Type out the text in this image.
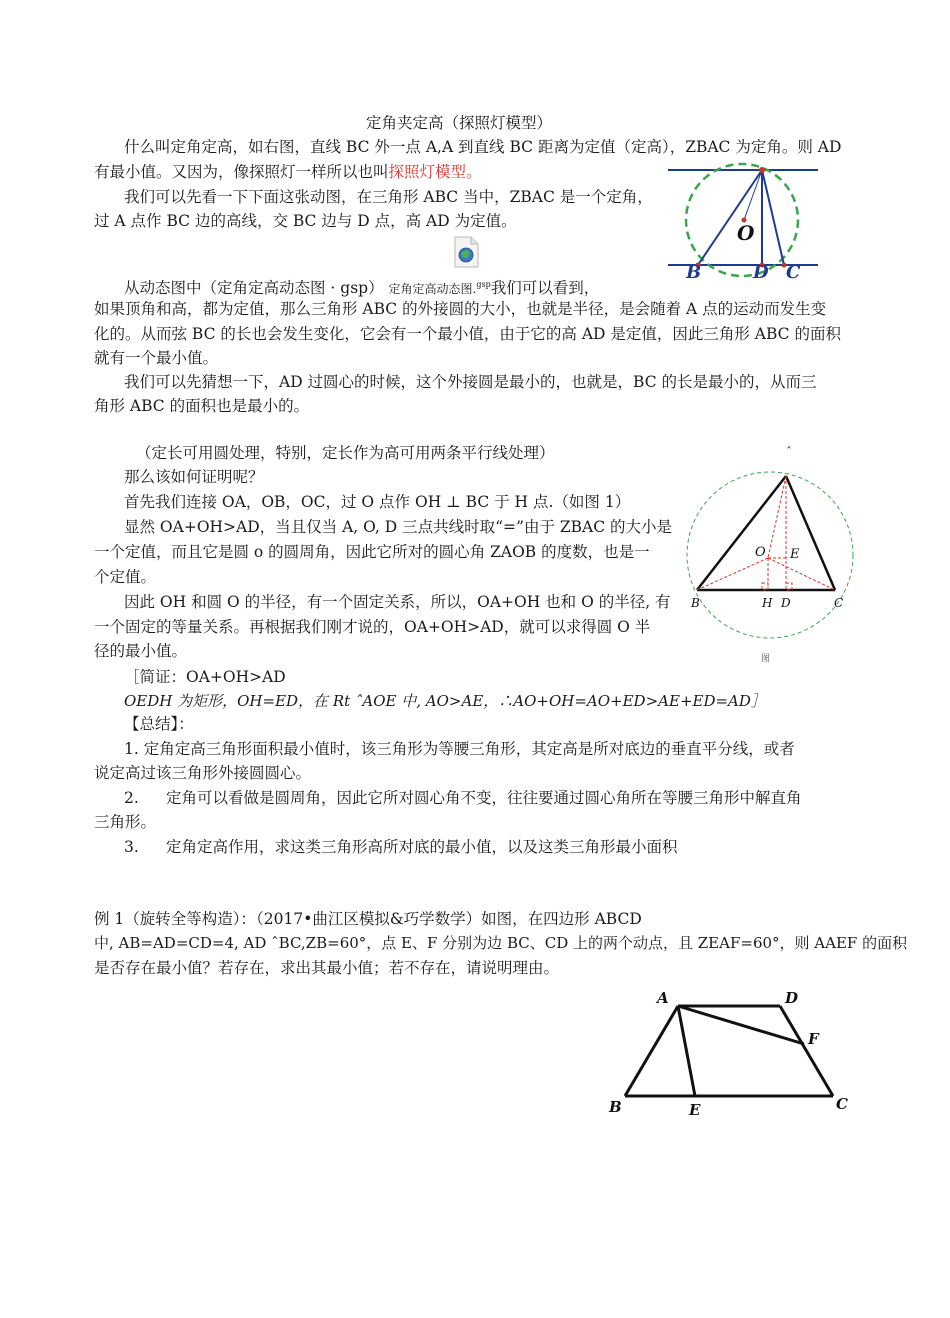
定角夹定高（探照灯模型）
什么叫定角定高，如右图，直线 BC 外一点 A,A 到直线 BC 距离为定值（定高），ZBAC 为定角。则 AD
有最小值。又因为，像探照灯一样所以也叫探照灯模型。
我们可以先看一下下面这张动图，在三角形 ABC 当中，ZBAC 是一个定角，
过 A 点作 BC 边的高线，交 BC 边与 D 点，高 AD 为定值。
从动态图中（定角定高动态图 · gsp） 定角定高动态图.$^{gsp}$我们可以看到，
如果顶角和高，都为定值，那么三角形 ABC 的外接圆的大小，也就是半径，是会随着 A 点的运动而发生变
化的。从而弦 BC 的长也会发生变化，它会有一个最小值，由于它的高 AD 是定值，因此三角形 ABC 的面积
就有一个最小值。
我们可以先猜想一下，AD 过圆心的时候，这个外接圆是最小的，也就是，BC 的长是最小的，从而三
角形 ABC 的面积也是最小的。
O
B	D C
（定长可用圆处理，特别，定长作为高可用两条平行线处理）
那么该如何证明呢？
首先我们连接 OA，OB，OC，过 O 点作 OH ⊥ BC 于 H 点.（如图 1）
显然 OA+OH>AD，当且仅当 A, O, D 三点共线时取“=”由于 ZBAC 的大小是
一个定值，而且它是圆 o 的圆周角，因此它所对的圆心角 ZAOB 的度数，也是一
个定值。
因此 OH 和圆 O 的半径，有一个固定关系，所以，OA+OH 也和 O 的半径, 有
一个固定的等量关系。再根据我们刚才说的，OA+OH>AD，就可以求得圆 O 半
径的最小值。
［简证：OA+OH>AD
OEDH 为矩形，OH=ED，在 Rt ˆAOE 中, AO>AE，∴AO+OH=AO+ED>AE+ED=AD］
ˆ
O E
B	H D	C
图
【总结】：
1. 定角定高三角形面积最小值时，该三角形为等腰三角形，其定高是所对底边的垂直平分线，或者
说定高过该三角形外接圆圆心。
2. 定角可以看做是圆周角，因此它所对圆心角不变，往往要通过圆心角所在等腰三角形中解直角
三角形。
3. 定角定高作用，求这类三角形高所对底的最小值，以及这类三角形最小面积
例 1（旋转全等构造）：（2017•曲江区模拟&巧学数学）如图，在四边形 ABCD
中, AB=AD=CD=4, AD ˆBC,ZB=60°，点 E、F 分别为边 BC、CD 上的两个动点，且 ZEAF=60°，则 AAEF 的面积
是否存在最小值？若存在，求出其最小值；若不存在，请说明理由。
A	D
F
B	E	C
